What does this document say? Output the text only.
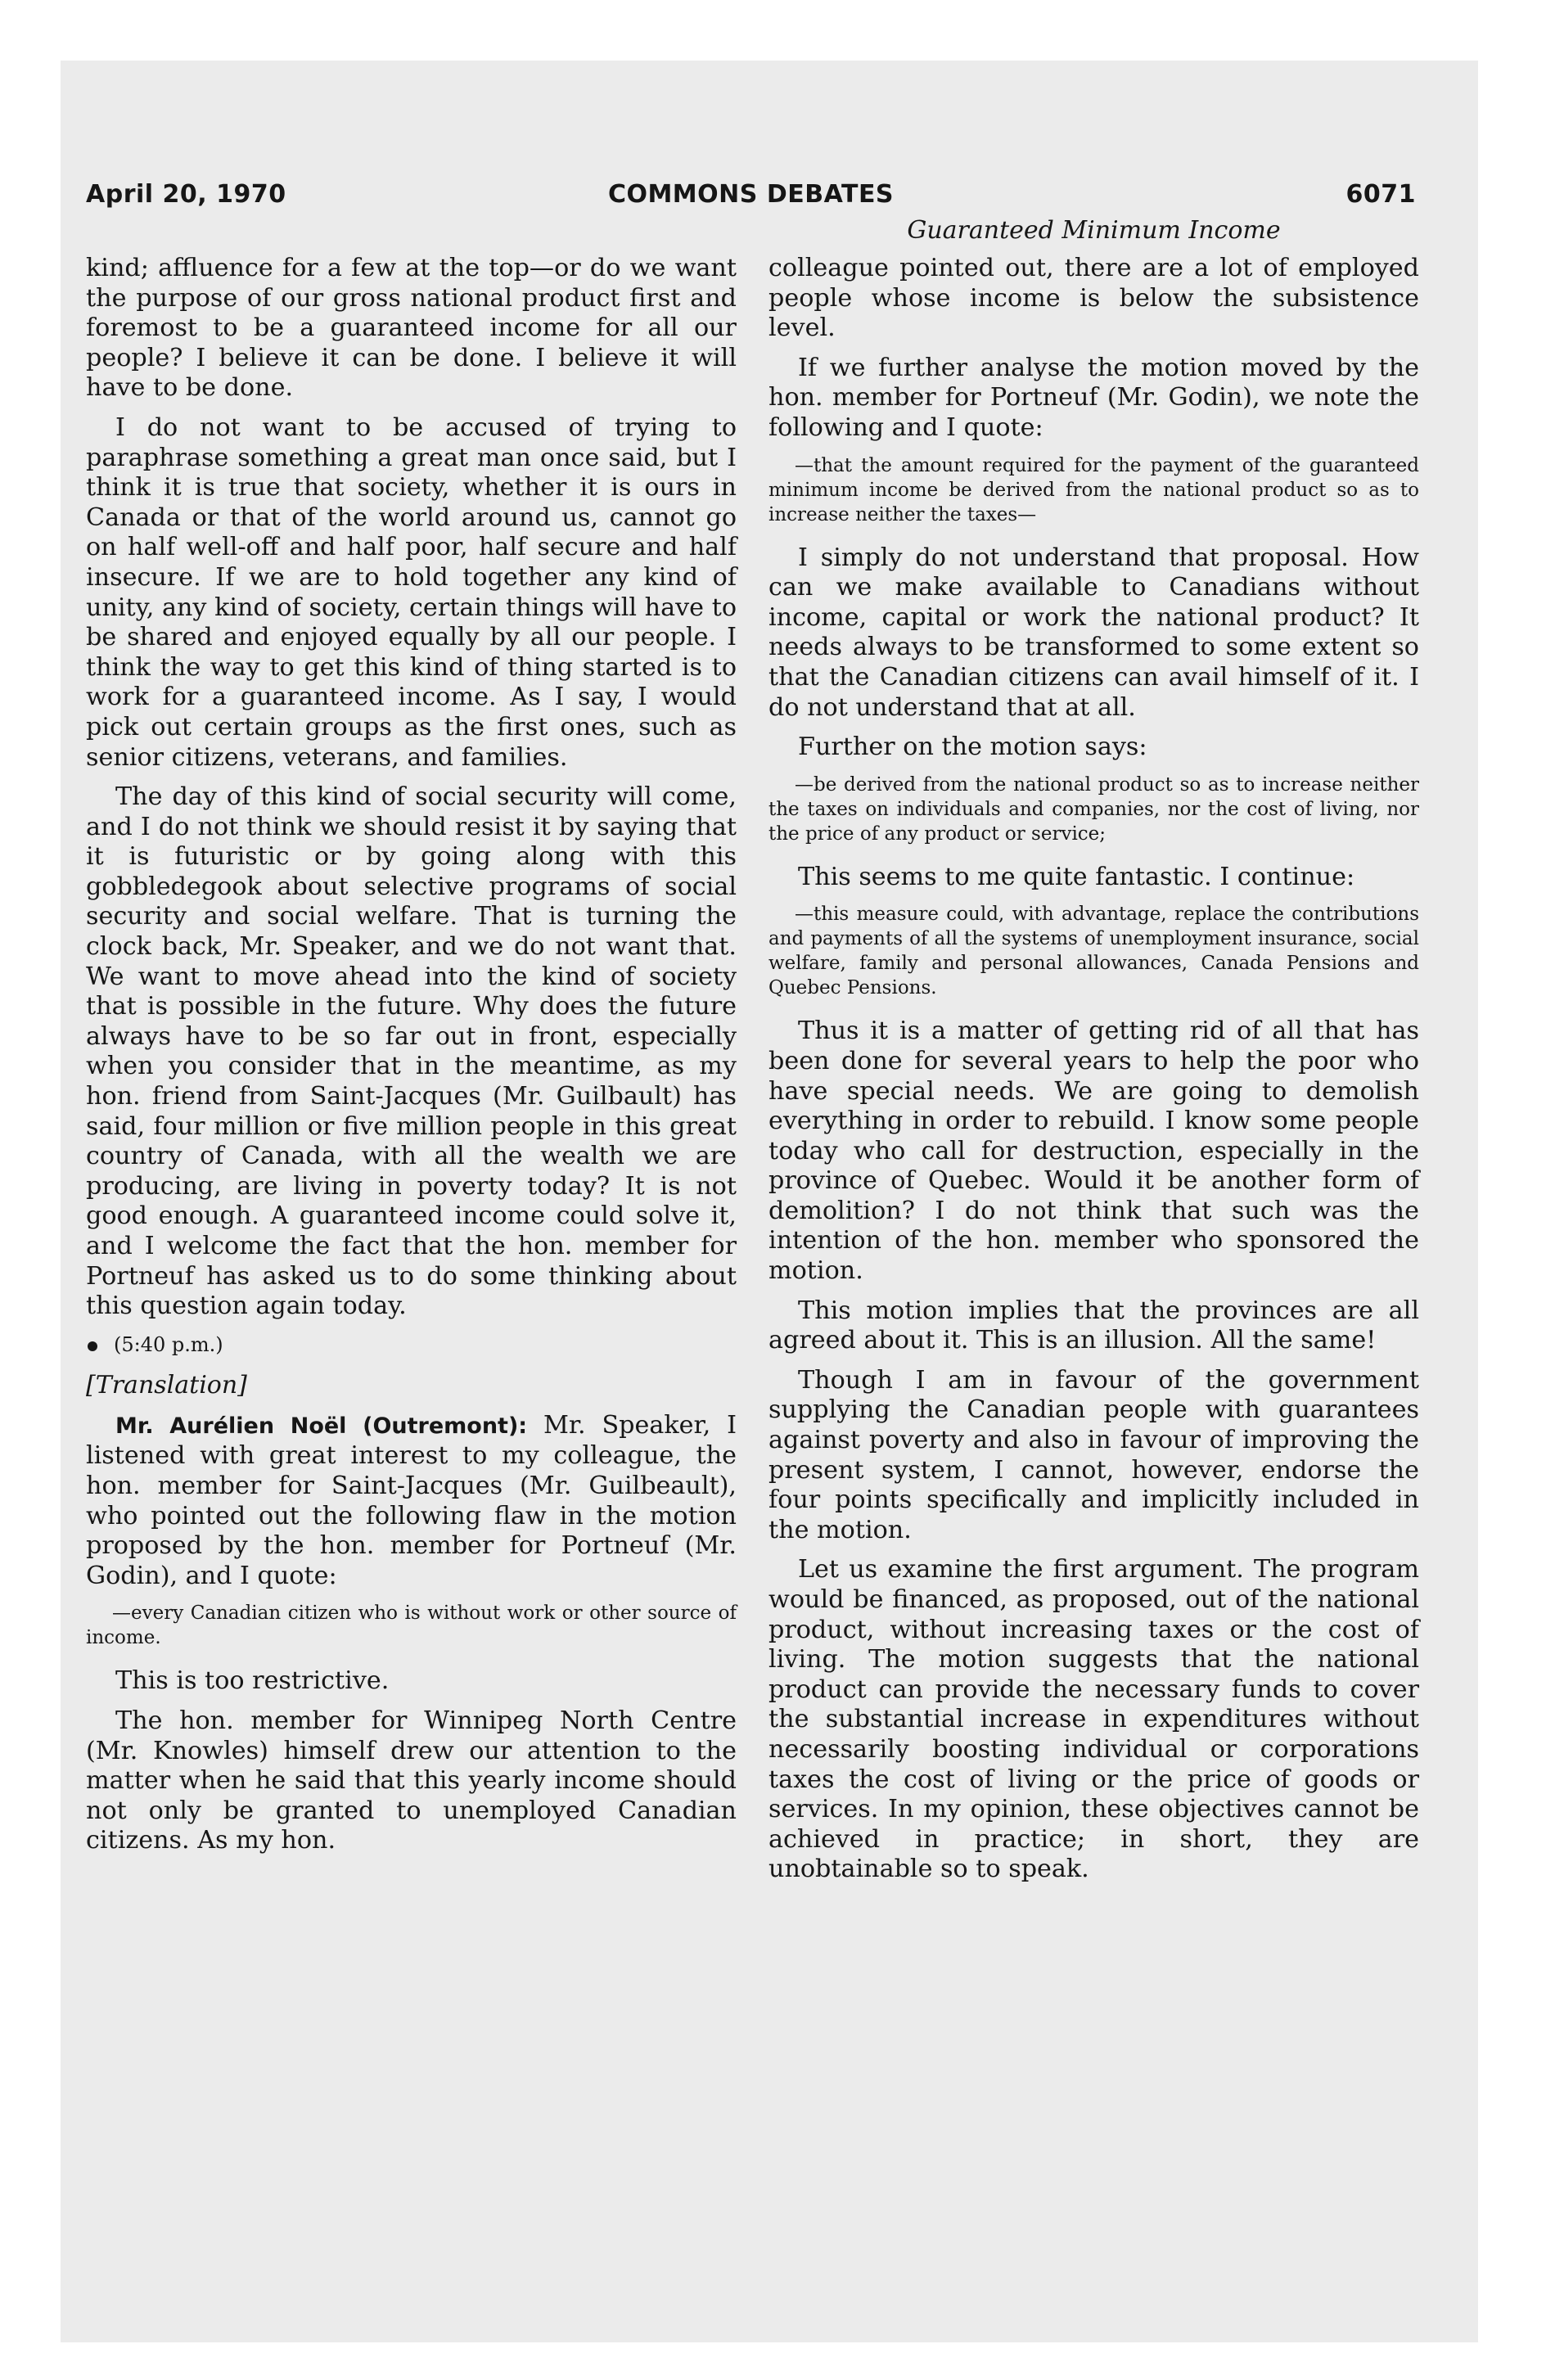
April 20, 1970	COMMONS DEBATES	6071

kind; affluence for a few at the top—or do we want the purpose of our gross national product first and foremost to be a guaranteed income for all our people? I believe it can be done. I believe it will have to be done.

I do not want to be accused of trying to paraphrase something a great man once said, but I think it is true that society, whether it is ours in Canada or that of the world around us, cannot go on half well-off and half poor, half secure and half insecure. If we are to hold together any kind of unity, any kind of society, certain things will have to be shared and enjoyed equally by all our people. I think the way to get this kind of thing started is to work for a guaranteed income. As I say, I would pick out certain groups as the first ones, such as senior citizens, veterans, and families.

The day of this kind of social security will come, and I do not think we should resist it by saying that it is futuristic or by going along with this gobbledegook about selective programs of social security and social welfare. That is turning the clock back, Mr. Speaker, and we do not want that. We want to move ahead into the kind of society that is possible in the future. Why does the future always have to be so far out in front, especially when you consider that in the meantime, as my hon. friend from Saint-Jacques (Mr. Guilbault) has said, four million or five million people in this great country of Canada, with all the wealth we are producing, are living in poverty today? It is not good enough. A guaranteed income could solve it, and I welcome the fact that the hon. member for Portneuf has asked us to do some thinking about this question again today.

(5:40 p.m.)
[Translation]

Mr. Aurélien Noël (Outremont): Mr. Speaker, I listened with great interest to my colleague, the hon. member for Saint-Jacques (Mr. Guilbeault), who pointed out the following flaw in the motion proposed by the hon. member for Portneuf (Mr. Godin), and I quote:

—every Canadian citizen who is without work or other source of income.

This is too restrictive.

The hon. member for Winnipeg North Centre (Mr. Knowles) himself drew our attention to the matter when he said that this yearly income should not only be granted to unemployed Canadian citizens. As my hon.

Guaranteed Minimum Income

colleague pointed out, there are a lot of employed people whose income is below the subsistence level.

If we further analyse the motion moved by the hon. member for Portneuf (Mr. Godin), we note the following and I quote:

—that the amount required for the payment of the guaranteed minimum income be derived from the national product so as to increase neither the taxes—

I simply do not understand that proposal. How can we make available to Canadians without income, capital or work the national product? It needs always to be transformed to some extent so that the Canadian citizens can avail himself of it. I do not understand that at all.

Further on the motion says:

—be derived from the national product so as to increase neither the taxes on individuals and companies, nor the cost of living, nor the price of any product or service;

This seems to me quite fantastic. I continue:

—this measure could, with advantage, replace the contributions and payments of all the systems of unemployment insurance, social welfare, family and personal allowances, Canada Pensions and Quebec Pensions.

Thus it is a matter of getting rid of all that has been done for several years to help the poor who have special needs. We are going to demolish everything in order to rebuild. I know some people today who call for destruction, especially in the province of Quebec. Would it be another form of demolition? I do not think that such was the intention of the hon. member who sponsored the motion.

This motion implies that the provinces are all agreed about it. This is an illusion. All the same!

Though I am in favour of the government supplying the Canadian people with guarantees against poverty and also in favour of improving the present system, I cannot, however, endorse the four points specifically and implicitly included in the motion.

Let us examine the first argument. The program would be financed, as proposed, out of the national product, without increasing taxes or the cost of living. The motion suggests that the national product can provide the necessary funds to cover the substantial increase in expenditures without necessarily boosting individual or corporations taxes the cost of living or the price of goods or services. In my opinion, these objectives cannot be achieved in practice; in short, they are unobtainable so to speak.
